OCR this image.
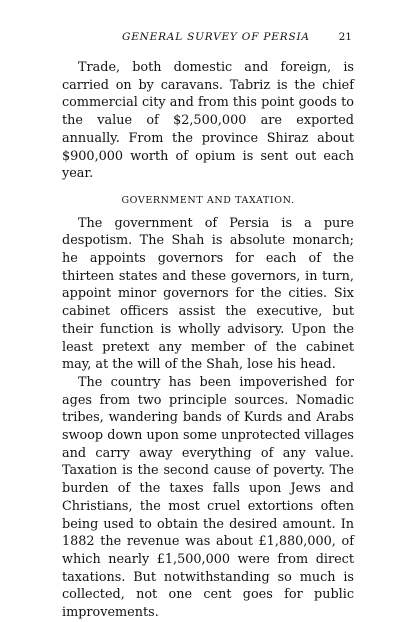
GENERAL SURVEY OF PERSIA	21

Trade, both domestic and foreign, is carried on by caravans. Tabriz is the chief commercial city and from this point goods to the value of $2,500,000 are exported annually. From the province Shiraz about $900,000 worth of opium is sent out each year.

GOVERNMENT AND TAXATION.

The government of Persia is a pure despotism. The Shah is absolute monarch; he appoints governors for each of the thirteen states and these governors, in turn, appoint minor governors for the cities. Six cabinet officers assist the executive, but their function is wholly advisory. Upon the least pretext any member of the cabinet may, at the will of the Shah, lose his head.

The country has been impoverished for ages from two principle sources. Nomadic tribes, wandering bands of Kurds and Arabs swoop down upon some unprotected villages and carry away everything of any value. Taxation is the second cause of poverty. The burden of the taxes falls upon Jews and Christians, the most cruel extortions often being used to obtain the desired amount. In 1882 the revenue was about £1,880,000, of which nearly £1,500,000 were from direct taxations. But notwithstanding so much is collected, not one cent goes for public improvements.
